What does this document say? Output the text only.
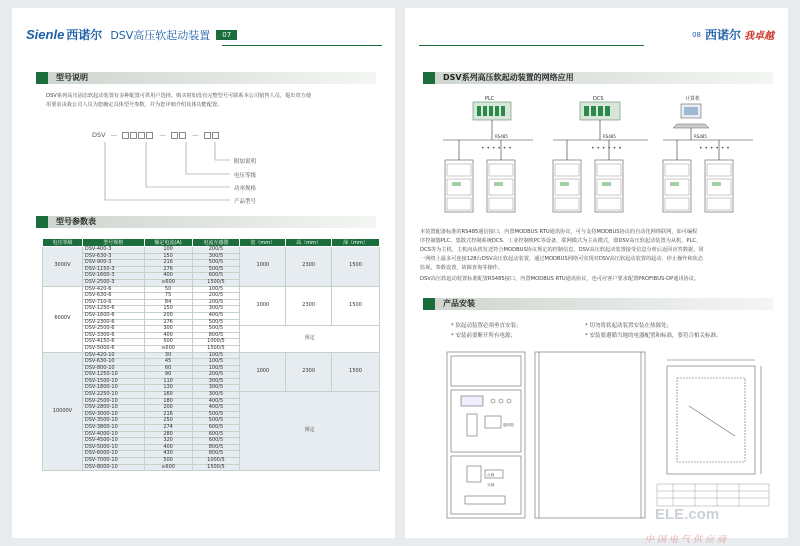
Sienle 西诺尔 DSV高压软起动装置	07
型号说明
DSV系列高压固态软起动装置有多种配置可供用户选择。购买时如没有完整型号可联系本公司销售人员，提出贵方使
用要求由我公司人员为您确定具体型号参数，并为您详细介绍具体功能配置。
DSV —	—	—
附加说明
电压等级
功率规格
产品型号
型号参数表
电压等级	型号规格	额定电流(A)	电流互感器	宽（mm）	高（mm）	深（mm）
3000V	DSV-400-3	100	200/5	1000	2300	1500
	DSV-630-3	150	300/5			
	DSV-900-3	216	500/5			
	DSV-1150-3	276	500/5			
	DSV-1600-3	400	600/5			
	DSV-2500-3	≥600	1500/5			
6000V	DSV-420-6	50	100/5	1000	2300	1500
	DSV-630-6	75	200/5			
	DSV-710-6	84	200/5			
	DSV-1250-6	150	300/5			
	DSV-1600-6	200	400/5			
	DSV-2300-6	276	500/5			
	DSV-2500-6	300	500/5	预定		
	DSV-3300-6	400	800/5			
	DSV-4150-6	500	1000/5			
	DSV-5000-6	≥600	1500/5			
10000V	DSV-420-10	30	100/5	1000	2300	1500
	DSV-630-10	45	100/5			
	DSV-800-10	60	100/5			
	DSV-1250-10	90	200/5			
	DSV-1500-10	110	300/5			
	DSV-1800-10	130	300/5			
	DSV-2250-10	160	300/5	预定		
	DSV-2500-10	180	400/5			
	DSV-2800-10	200	400/5			
	DSV-3000-10	216	500/5			
	DSV-3500-10	250	500/5			
	DSV-3800-10	274	600/5			
	DSV-4000-10	280	600/5			
	DSV-4500-10	320	600/5			
	DSV-5000-10	400	800/5			
	DSV-6000-10	430	800/5			
	DSV-7000-10	500	1000/5			
	DSV-8000-10	≥600	1500/5			
08 西诺尔 我卓越
DSV系列高压软起动装置的网络应用
PLC	DCS	计算机
RS485	RS485	RS485
• • • • • •	• • • • • •	• • • • • •
本装置配备标准的RS485通信接口，内置MODBUS RTU通讯协议，可与支持MODBUS协议的自动化网络联网，如可编程
序控制器PLC、集散式控制系统DCS、工业控制机PC等设备，联网模式为主从模式，即DSV高压软起动装置为从机，PLC、
DCS等为主机。主机向从机发送符合MODBUS协议规定的控制信息，DSV高压软起动装置接受信息分析后返回应答数据，同
一网络上最多可连接128台DSV高压软起动装置，通过MODBUS网络可实现对DSV高压软起动装置的起动、停止操作和状态
监视、参数设置、故障查询等操作。
DSV高压软起动装置标准配置RS485接口，内置MODBUS RTU通讯协议，也可应客户要求配置PROFIBUS-DP通讯协议。
产品安装
* 软起动装置必须垂直安装；	* 切勿将软起动装置安装在热源处；
* 安装前要断开所有电源；	* 安装要遵循当地的电器配置和标准，要符合相关标准。
通风窗
合闸
分闸
ELE.com
中国电气供应商
